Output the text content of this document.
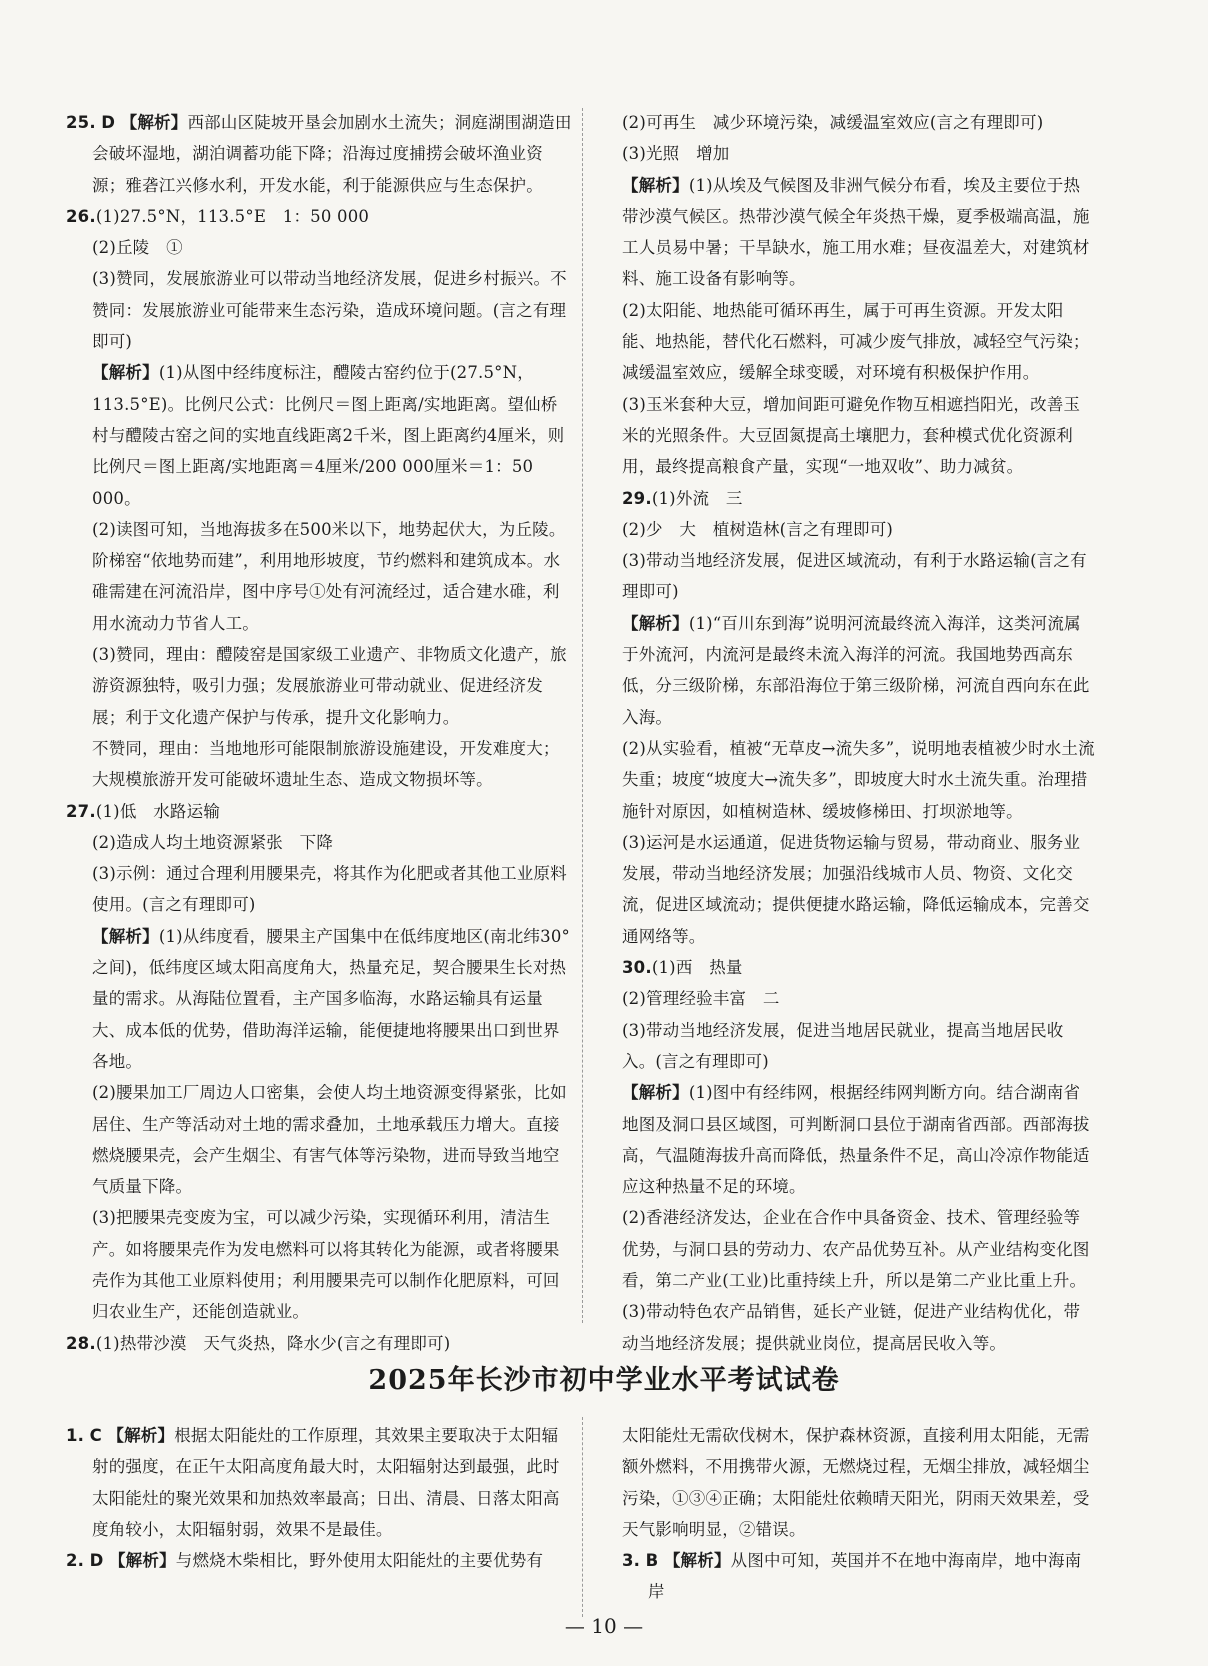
25. D 【解析】西部山区陡坡开垦会加剧水土流失；洞庭湖围湖造田会破坏湿地，湖泊调蓄功能下降；沿海过度捕捞会破坏渔业资源；雅砻江兴修水利，开发水能，利于能源供应与生态保护。

26.(1)27.5°N，113.5°E　1：50 000

(2)丘陵　①

(3)赞同，发展旅游业可以带动当地经济发展，促进乡村振兴。不赞同：发展旅游业可能带来生态污染，造成环境问题。(言之有理即可)

【解析】(1)从图中经纬度标注，醴陵古窑约位于(27.5°N，113.5°E)。比例尺公式：比例尺＝图上距离/实地距离。望仙桥村与醴陵古窑之间的实地直线距离2千米，图上距离约4厘米，则比例尺＝图上距离/实地距离＝4厘米/200 000厘米＝1：50 000。

(2)读图可知，当地海拔多在500米以下，地势起伏大，为丘陵。阶梯窑“依地势而建”，利用地形坡度，节约燃料和建筑成本。水碓需建在河流沿岸，图中序号①处有河流经过，适合建水碓，利用水流动力节省人工。

(3)赞同，理由：醴陵窑是国家级工业遗产、非物质文化遗产，旅游资源独特，吸引力强；发展旅游业可带动就业、促进经济发展；利于文化遗产保护与传承，提升文化影响力。

不赞同，理由：当地地形可能限制旅游设施建设，开发难度大；大规模旅游开发可能破坏遗址生态、造成文物损坏等。

27.(1)低　水路运输

(2)造成人均土地资源紧张　下降

(3)示例：通过合理利用腰果壳，将其作为化肥或者其他工业原料使用。(言之有理即可)

【解析】(1)从纬度看，腰果主产国集中在低纬度地区(南北纬30°之间)，低纬度区域太阳高度角大，热量充足，契合腰果生长对热量的需求。从海陆位置看，主产国多临海，水路运输具有运量大、成本低的优势，借助海洋运输，能便捷地将腰果出口到世界各地。

(2)腰果加工厂周边人口密集，会使人均土地资源变得紧张，比如居住、生产等活动对土地的需求叠加，土地承载压力增大。直接燃烧腰果壳，会产生烟尘、有害气体等污染物，进而导致当地空气质量下降。

(3)把腰果壳变废为宝，可以减少污染，实现循环利用，清洁生产。如将腰果壳作为发电燃料可以将其转化为能源，或者将腰果壳作为其他工业原料使用；利用腰果壳可以制作化肥原料，可回归农业生产，还能创造就业。

28.(1)热带沙漠　天气炎热，降水少(言之有理即可)

(2)可再生　减少环境污染，减缓温室效应(言之有理即可)

(3)光照　增加

【解析】(1)从埃及气候图及非洲气候分布看，埃及主要位于热带沙漠气候区。热带沙漠气候全年炎热干燥，夏季极端高温，施工人员易中暑；干旱缺水，施工用水难；昼夜温差大，对建筑材料、施工设备有影响等。

(2)太阳能、地热能可循环再生，属于可再生资源。开发太阳能、地热能，替代化石燃料，可减少废气排放，减轻空气污染；减缓温室效应，缓解全球变暖，对环境有积极保护作用。

(3)玉米套种大豆，增加间距可避免作物互相遮挡阳光，改善玉米的光照条件。大豆固氮提高土壤肥力，套种模式优化资源利用，最终提高粮食产量，实现“一地双收”、助力减贫。

29.(1)外流　三

(2)少　大　植树造林(言之有理即可)

(3)带动当地经济发展，促进区域流动，有利于水路运输(言之有理即可)

【解析】(1)“百川东到海”说明河流最终流入海洋，这类河流属于外流河，内流河是最终未流入海洋的河流。我国地势西高东低，分三级阶梯，东部沿海位于第三级阶梯，河流自西向东在此入海。

(2)从实验看，植被“无草皮→流失多”，说明地表植被少时水土流失重；坡度“坡度大→流失多”，即坡度大时水土流失重。治理措施针对原因，如植树造林、缓坡修梯田、打坝淤地等。

(3)运河是水运通道，促进货物运输与贸易，带动商业、服务业发展，带动当地经济发展；加强沿线城市人员、物资、文化交流，促进区域流动；提供便捷水路运输，降低运输成本，完善交通网络等。

30.(1)西　热量

(2)管理经验丰富　二

(3)带动当地经济发展，促进当地居民就业，提高当地居民收入。(言之有理即可)

【解析】(1)图中有经纬网，根据经纬网判断方向。结合湖南省地图及洞口县区域图，可判断洞口县位于湖南省西部。西部海拔高，气温随海拔升高而降低，热量条件不足，高山冷凉作物能适应这种热量不足的环境。

(2)香港经济发达，企业在合作中具备资金、技术、管理经验等优势，与洞口县的劳动力、农产品优势互补。从产业结构变化图看，第二产业(工业)比重持续上升，所以是第二产业比重上升。

(3)带动特色农产品销售，延长产业链，促进产业结构优化，带动当地经济发展；提供就业岗位，提高居民收入等。

2025年长沙市初中学业水平考试试卷

1. C 【解析】根据太阳能灶的工作原理，其效果主要取决于太阳辐射的强度，在正午太阳高度角最大时，太阳辐射达到最强，此时太阳能灶的聚光效果和加热效率最高；日出、清晨、日落太阳高度角较小，太阳辐射弱，效果不是最佳。

2. D 【解析】与燃烧木柴相比，野外使用太阳能灶的主要优势有

太阳能灶无需砍伐树木，保护森林资源，直接利用太阳能，无需额外燃料，不用携带火源，无燃烧过程，无烟尘排放，减轻烟尘污染，①③④正确；太阳能灶依赖晴天阳光，阴雨天效果差，受天气影响明显，②错误。

3. B 【解析】从图中可知，英国并不在地中海南岸，地中海南岸

— 10 —
